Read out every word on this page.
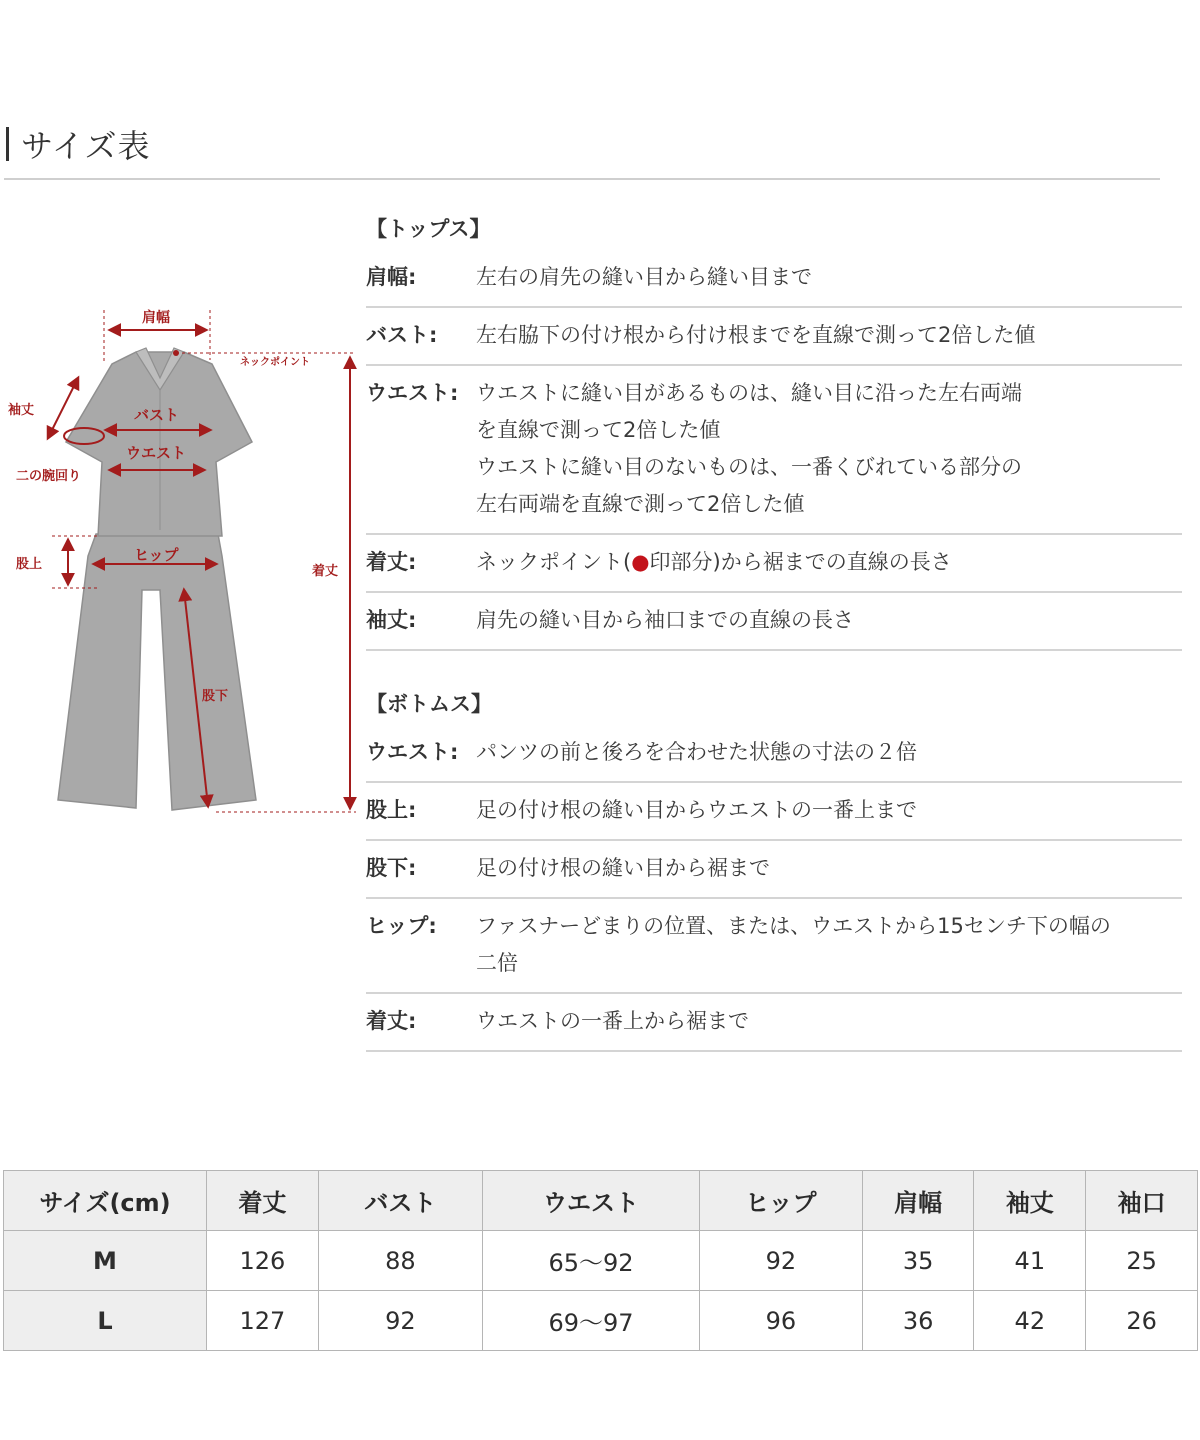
サイズ表
肩幅
ネックポイント
袖丈	バスト
ウエスト
二の腕回り
股上
ヒップ
着丈
股下
【トップス】
肩幅:	左右の肩先の縫い目から縫い目まで
バスト:	左右脇下の付け根から付け根までを直線で測って2倍した値
ウエスト: ウエストに縫い目があるものは、縫い目に沿った左右両端
を直線で測って2倍した値
ウエストに縫い目のないものは、一番くびれている部分の
左右両端を直線で測って2倍した値
着丈:	ネックポイント(●印部分)から裾までの直線の長さ
袖丈:	肩先の縫い目から袖口までの直線の長さ
【ボトムス】
ウエスト: パンツの前と後ろを合わせた状態の寸法の２倍
股上:	足の付け根の縫い目からウエストの一番上まで
股下:	足の付け根の縫い目から裾まで
ヒップ:	ファスナーどまりの位置、または、ウエストから15センチ下の幅の
二倍
着丈:	ウエストの一番上から裾まで
サイズ(cm)	着丈	バスト	ウエスト	ヒップ	肩幅	袖丈	袖口
M	126	88	65～92	92	35	41	25
L	127	92	69～97	96	36	42	26
